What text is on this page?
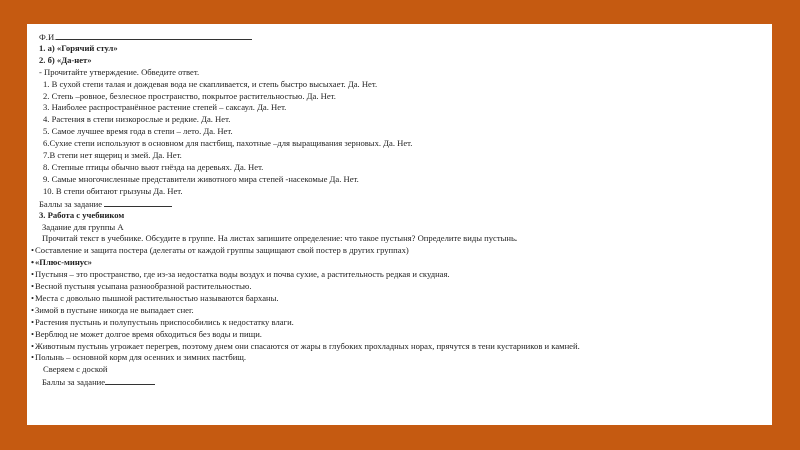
Ф.И.
1. а) «Горячий стул»
2. б) «Да-нет»
- Прочитайте утверждение. Обведите ответ.
1. В сухой степи талая и дождевая вода не скапливается, и степь быстро высыхает. Да. Нет.
2. Степь –ровное, безлесное пространство, покрытое растительностью. Да. Нет.
3. Наиболее распространённое растение степей – саксаул. Да. Нет.
4. Растения в степи низкорослые и редкие. Да. Нет.
5. Самое лучшее время года в степи – лето. Да. Нет.
6.Сухие степи используют в основном для пастбищ, пахотные –для выращивания зерновых. Да. Нет.
7.В степи нет ящериц и змей. Да. Нет.
8. Степные птицы обычно вьют гнёзда на деревьях. Да. Нет.
9. Самые многочисленные представители животного мира степей -насекомые Да. Нет.
10. В степи обитают грызуны Да. Нет.
Баллы за задание
3. Работа с учебником
Задание для группы А
Прочитай текст в учебнике. Обсудите в группе. На листах запишите определение: что такое пустыня? Определите виды пустынь.
• Составление и защита постера (делегаты от каждой группы защищают свой постер в других группах)
• «Плюс-минус»
• Пустыня – это пространство, где из-за недостатка воды воздух и почва сухие, а растительность редкая и скудная.
• Весной пустыня усыпана разнообразной растительностью.
• Места с довольно пышной растительностью называются барханы.
• Зимой в пустыне никогда не выпадает снег.
• Растения пустынь и полупустынь приспособились к недостатку влаги.
• Верблюд не может долгое время обходиться без воды и пищи.
• Животным пустынь угрожает перегрев, поэтому днем они спасаются от жары в глубоких прохладных норах, прячутся в тени кустарников и камней.
• Полынь – основной корм для осенних и зимних пастбищ.
Сверяем с доской
Баллы за задание
